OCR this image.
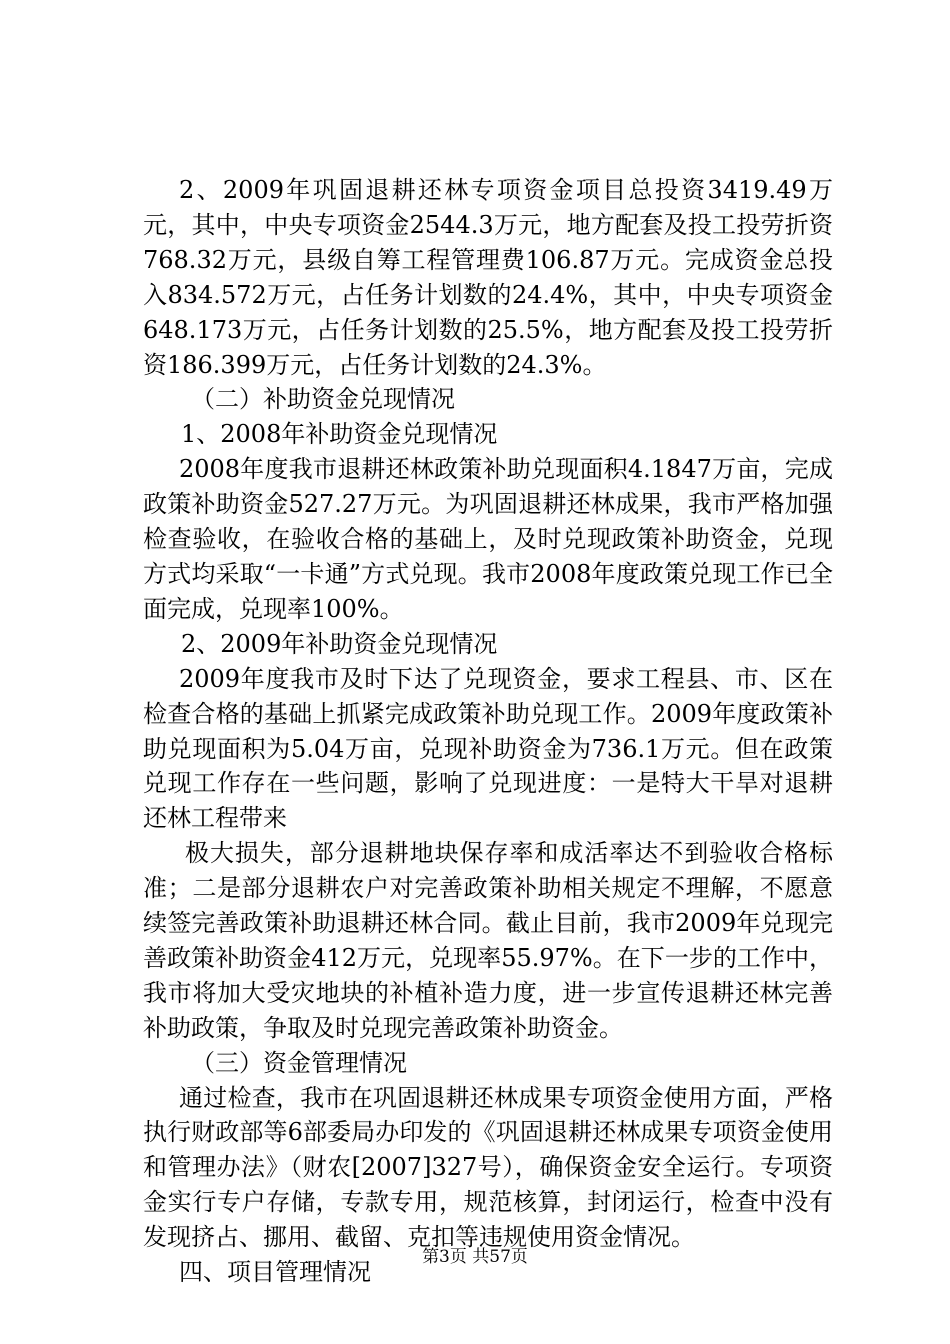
2、2009年巩固退耕还林专项资金项目总投资3419.49万元，其中，中央专项资金2544.3万元，地方配套及投工投劳折资768.32万元，县级自筹工程管理费106.87万元。完成资金总投入834.572万元，占任务计划数的24.4%，其中，中央专项资金648.173万元，占任务计划数的25.5%，地方配套及投工投劳折资186.399万元，占任务计划数的24.3%。

（二）补助资金兑现情况

1、2008年补助资金兑现情况

2008年度我市退耕还林政策补助兑现面积4.1847万亩，完成政策补助资金527.27万元。为巩固退耕还林成果，我市严格加强检查验收，在验收合格的基础上，及时兑现政策补助资金，兑现方式均采取“一卡通”方式兑现。我市2008年度政策兑现工作已全面完成，兑现率100%。

2、2009年补助资金兑现情况

2009年度我市及时下达了兑现资金，要求工程县、市、区在检查合格的基础上抓紧完成政策补助兑现工作。2009年度政策补助兑现面积为5.04万亩，兑现补助资金为736.1万元。但在政策兑现工作存在一些问题，影响了兑现进度：一是特大干旱对退耕还林工程带来

极大损失，部分退耕地块保存率和成活率达不到验收合格标准；二是部分退耕农户对完善政策补助相关规定不理解，不愿意续签完善政策补助退耕还林合同。截止目前，我市2009年兑现完善政策补助资金412万元，兑现率55.97%。在下一步的工作中，我市将加大受灾地块的补植补造力度，进一步宣传退耕还林完善补助政策，争取及时兑现完善政策补助资金。

（三）资金管理情况

通过检查，我市在巩固退耕还林成果专项资金使用方面，严格执行财政部等6部委局办印发的《巩固退耕还林成果专项资金使用和管理办法》（财农[2007]327号），确保资金安全运行。专项资金实行专户存储，专款专用，规范核算，封闭运行，检查中没有发现挤占、挪用、截留、克扣等违规使用资金情况。

四、项目管理情况

第3页 共57页
